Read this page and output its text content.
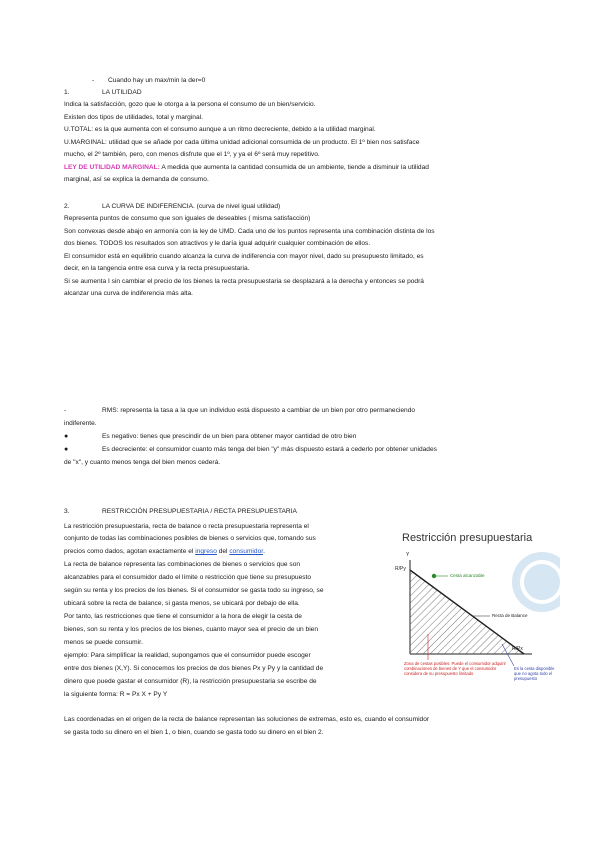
- Cuando hay un max/min la der=0
1.	LA UTILIDAD
Indica la satisfacción, gozo que le otorga a la persona el consumo de un bien/servicio.
Existen dos tipos de utilidades, total y marginal.
U.TOTAL: es la que aumenta con el consumo aunque a un ritmo decreciente, debido a la utilidad marginal.
U.MARGINAL: utilidad que se añade por cada última unidad adicional consumida de un producto. El 1º bien nos satisface
mucho, el 2º también, pero, con menos disfrute que el 1º, y ya el 6º será muy repetitivo.
LEY DE UTILIDAD MARGINAL: A medida que aumenta la cantidad consumida de un ambiente, tiende a disminuir la utilidad
marginal, así se explica la demanda de consumo.
2.	LA CURVA DE INDIFERENCIA. (curva de nivel igual utilidad)
Representa puntos de consumo que son iguales de deseables ( misma satisfacción)
Son convexas desde abajo en armonía con la ley de UMD. Cada uno de los puntos representa una combinación distinta de los
dos bienes. TODOS los resultados son atractivos y le daría igual adquirir cualquier combinación de ellos.
El consumidor está en equilibrio cuando alcanza la curva de indiferencia con mayor nivel, dado su presupuesto limitado, es
decir, en la tangencia entre esa curva y la recta presupuestaria.
Si se aumenta I sin cambiar el precio de los bienes la recta presupuestaria se desplazará a la derecha y entonces se podrá
alcanzar una curva de indiferencia más alta.
-	RMS: representa la tasa a la que un individuo está dispuesto a cambiar de un bien por otro permaneciendo
indiferente.
●	Es negativo: tienes que prescindir de un bien para obtener mayor cantidad de otro bien
●	Es decreciente: el consumidor cuanto más tenga del bien "y" más dispuesto estará a cederlo por obtener unidades
de "x", y cuanto menos tenga del bien menos cederá.
3.	RESTRICCIÓN PRESUPUESTARIA / RECTA PRESUPUESTARIA
La restricción presupuestaria, recta de balance o recta presupuestaria representa el
conjunto de todas las combinaciones posibles de bienes o servicios que, tomando sus
precios como dados, agotan exactamente el ingreso del consumidor.
La recta de balance representa las combinaciones de bienes o servicios que son
alcanzables para el consumidor dado el límite o restricción que tiene su presupuesto
según su renta y los precios de los bienes. Si el consumidor se gasta todo su ingreso, se
ubicará sobre la recta de balance, si gasta menos, se ubicará por debajo de ella.
Por tanto, las restricciones que tiene el consumidor a la hora de elegir la cesta de
bienes, son su renta y los precios de los bienes, cuanto mayor sea el precio de un bien
menos se puede consumir.
ejemplo: Para simplificar la realidad, supongamos que el consumidor puede escoger
entre dos bienes (X,Y). Si conocemos los precios de dos bienes Px y Py y la cantidad de
dinero que puede gastar el consumidor (R), la restricción presupuestaria se escribe de
la siguiente forma: R = Px X + Py Y
Las coordenadas en el origen de la recta de balance representan las soluciones de extremas, esto es, cuando el consumidor
se gasta todo su dinero en el bien 1, o bien, cuando se gasta todo su dinero en el bien 2.
Restricción presupuestaria
Y
R/Py
R/Px
Cesta alcanzable
Recta de Balance
Zona de cestas posibles. Puede el consumidor adquirir combinaciones de bienes de Y que el consumidor considera de su presupuesto limitado
Es la cesta disponible que no agota todo el presupuesto
